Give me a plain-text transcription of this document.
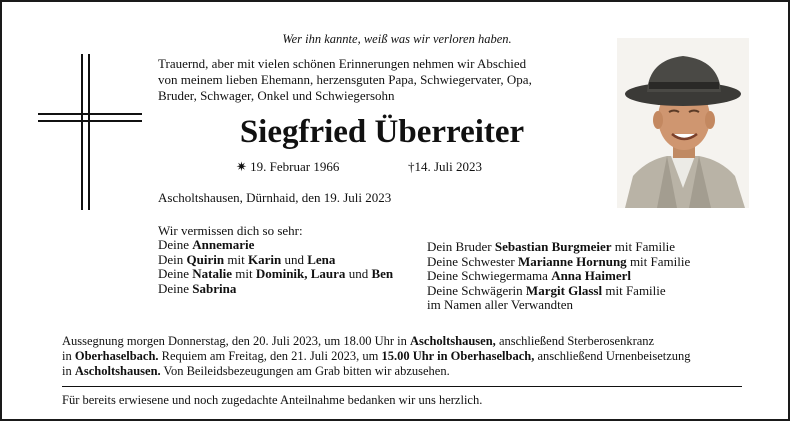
Wer ihn kannte, weiß was wir verloren haben.
Trauernd, aber mit vielen schönen Erinnerungen nehmen wir Abschied
von meinem lieben Ehemann, herzensguten Papa, Schwiegervater, Opa,
Bruder, Schwager, Onkel und Schwiegersohn
Siegfried Überreiter
✷ 19. Februar 1966	†14. Juli 2023
Ascholtshausen, Dürnhaid, den 19. Juli 2023
Wir vermissen dich so sehr:
Deine Annemarie
Dein Quirin mit Karin und Lena
Deine Natalie mit Dominik, Laura und Ben
Deine Sabrina
Dein Bruder Sebastian Burgmeier mit Familie
Deine Schwester Marianne Hornung mit Familie
Deine Schwiegermama Anna Haimerl
Deine Schwägerin Margit Glassl mit Familie
im Namen aller Verwandten
Aussegnung morgen Donnerstag, den 20. Juli 2023, um 18.00 Uhr in Ascholtshausen, anschließend Sterberosenkranz
in Oberhaselbach. Requiem am Freitag, den 21. Juli 2023, um 15.00 Uhr in Oberhaselbach, anschließend Urnenbeisetzung
in Ascholtshausen. Von Beileidsbezeugungen am Grab bitten wir abzusehen.
Für bereits erwiesene und noch zugedachte Anteilnahme bedanken wir uns herzlich.
